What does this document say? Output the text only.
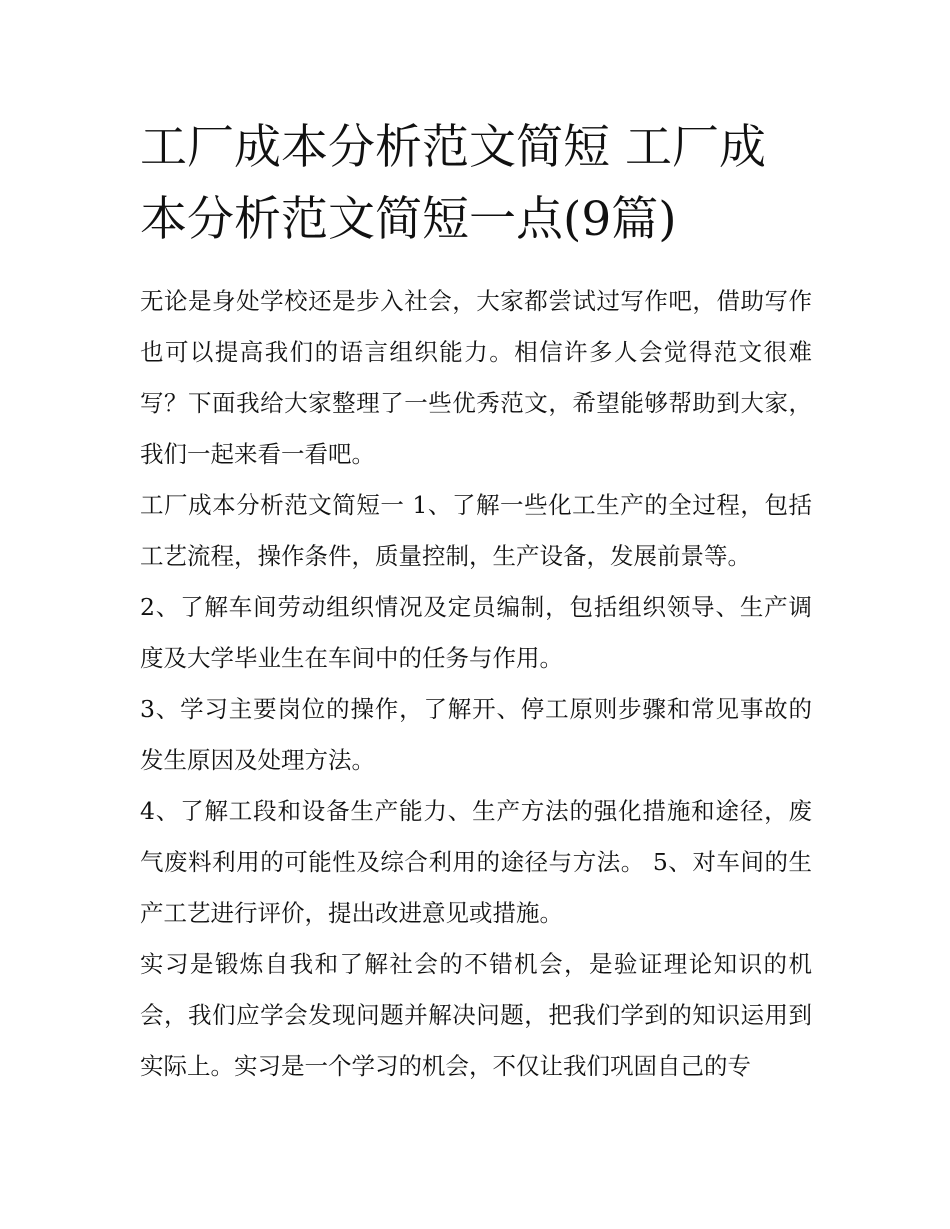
工厂成本分析范文简短 工厂成本分析范文简短一点(9篇)

无论是身处学校还是步入社会，大家都尝试过写作吧，借助写作也可以提高我们的语言组织能力。相信许多人会觉得范文很难写？下面我给大家整理了一些优秀范文，希望能够帮助到大家，我们一起来看一看吧。

工厂成本分析范文简短一 1、了解一些化工生产的全过程，包括工艺流程，操作条件，质量控制，生产设备，发展前景等。

2、了解车间劳动组织情况及定员编制，包括组织领导、生产调度及大学毕业生在车间中的任务与作用。

3、学习主要岗位的操作，了解开、停工原则步骤和常见事故的发生原因及处理方法。

4、了解工段和设备生产能力、生产方法的强化措施和途径，废气废料利用的可能性及综合利用的途径与方法。 5、对车间的生产工艺进行评价，提出改进意见或措施。

实习是锻炼自我和了解社会的不错机会，是验证理论知识的机会，我们应学会发现问题并解决问题，把我们学到的知识运用到实际上。实习是一个学习的机会，不仅让我们巩固自己的专
